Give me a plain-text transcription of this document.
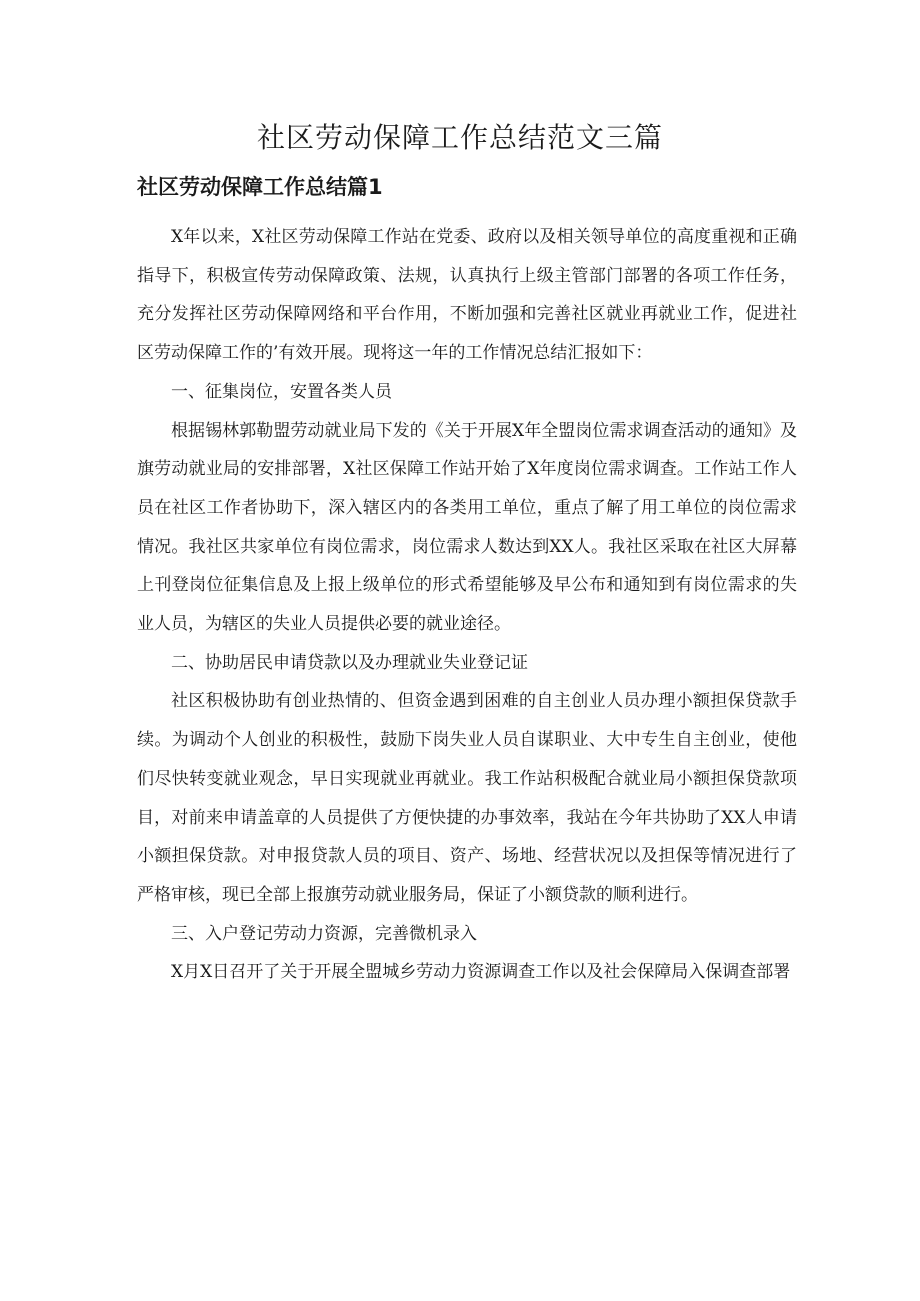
社区劳动保障工作总结范文三篇
社区劳动保障工作总结篇1

X年以来，X社区劳动保障工作站在党委、政府以及相关领导单位的高度重视和正确指导下，积极宣传劳动保障政策、法规，认真执行上级主管部门部署的各项工作任务，充分发挥社区劳动保障网络和平台作用，不断加强和完善社区就业再就业工作，促进社区劳动保障工作的’有效开展。现将这一年的工作情况总结汇报如下：

一、征集岗位，安置各类人员

根据锡林郭勒盟劳动就业局下发的《关于开展X年全盟岗位需求调查活动的通知》及旗劳动就业局的安排部署，X社区保障工作站开始了X年度岗位需求调查。工作站工作人员在社区工作者协助下，深入辖区内的各类用工单位，重点了解了用工单位的岗位需求情况。我社区共家单位有岗位需求，岗位需求人数达到XX人。我社区采取在社区大屏幕上刊登岗位征集信息及上报上级单位的形式希望能够及早公布和通知到有岗位需求的失业人员，为辖区的失业人员提供必要的就业途径。

二、协助居民申请贷款以及办理就业失业登记证

社区积极协助有创业热情的、但资金遇到困难的自主创业人员办理小额担保贷款手续。为调动个人创业的积极性，鼓励下岗失业人员自谋职业、大中专生自主创业，使他们尽快转变就业观念，早日实现就业再就业。我工作站积极配合就业局小额担保贷款项目，对前来申请盖章的人员提供了方便快捷的办事效率，我站在今年共协助了XX人申请小额担保贷款。对申报贷款人员的项目、资产、场地、经营状况以及担保等情况进行了严格审核，现已全部上报旗劳动就业服务局，保证了小额贷款的顺利进行。

三、入户登记劳动力资源，完善微机录入

X月X日召开了关于开展全盟城乡劳动力资源调查工作以及社会保障局入保调查部署
